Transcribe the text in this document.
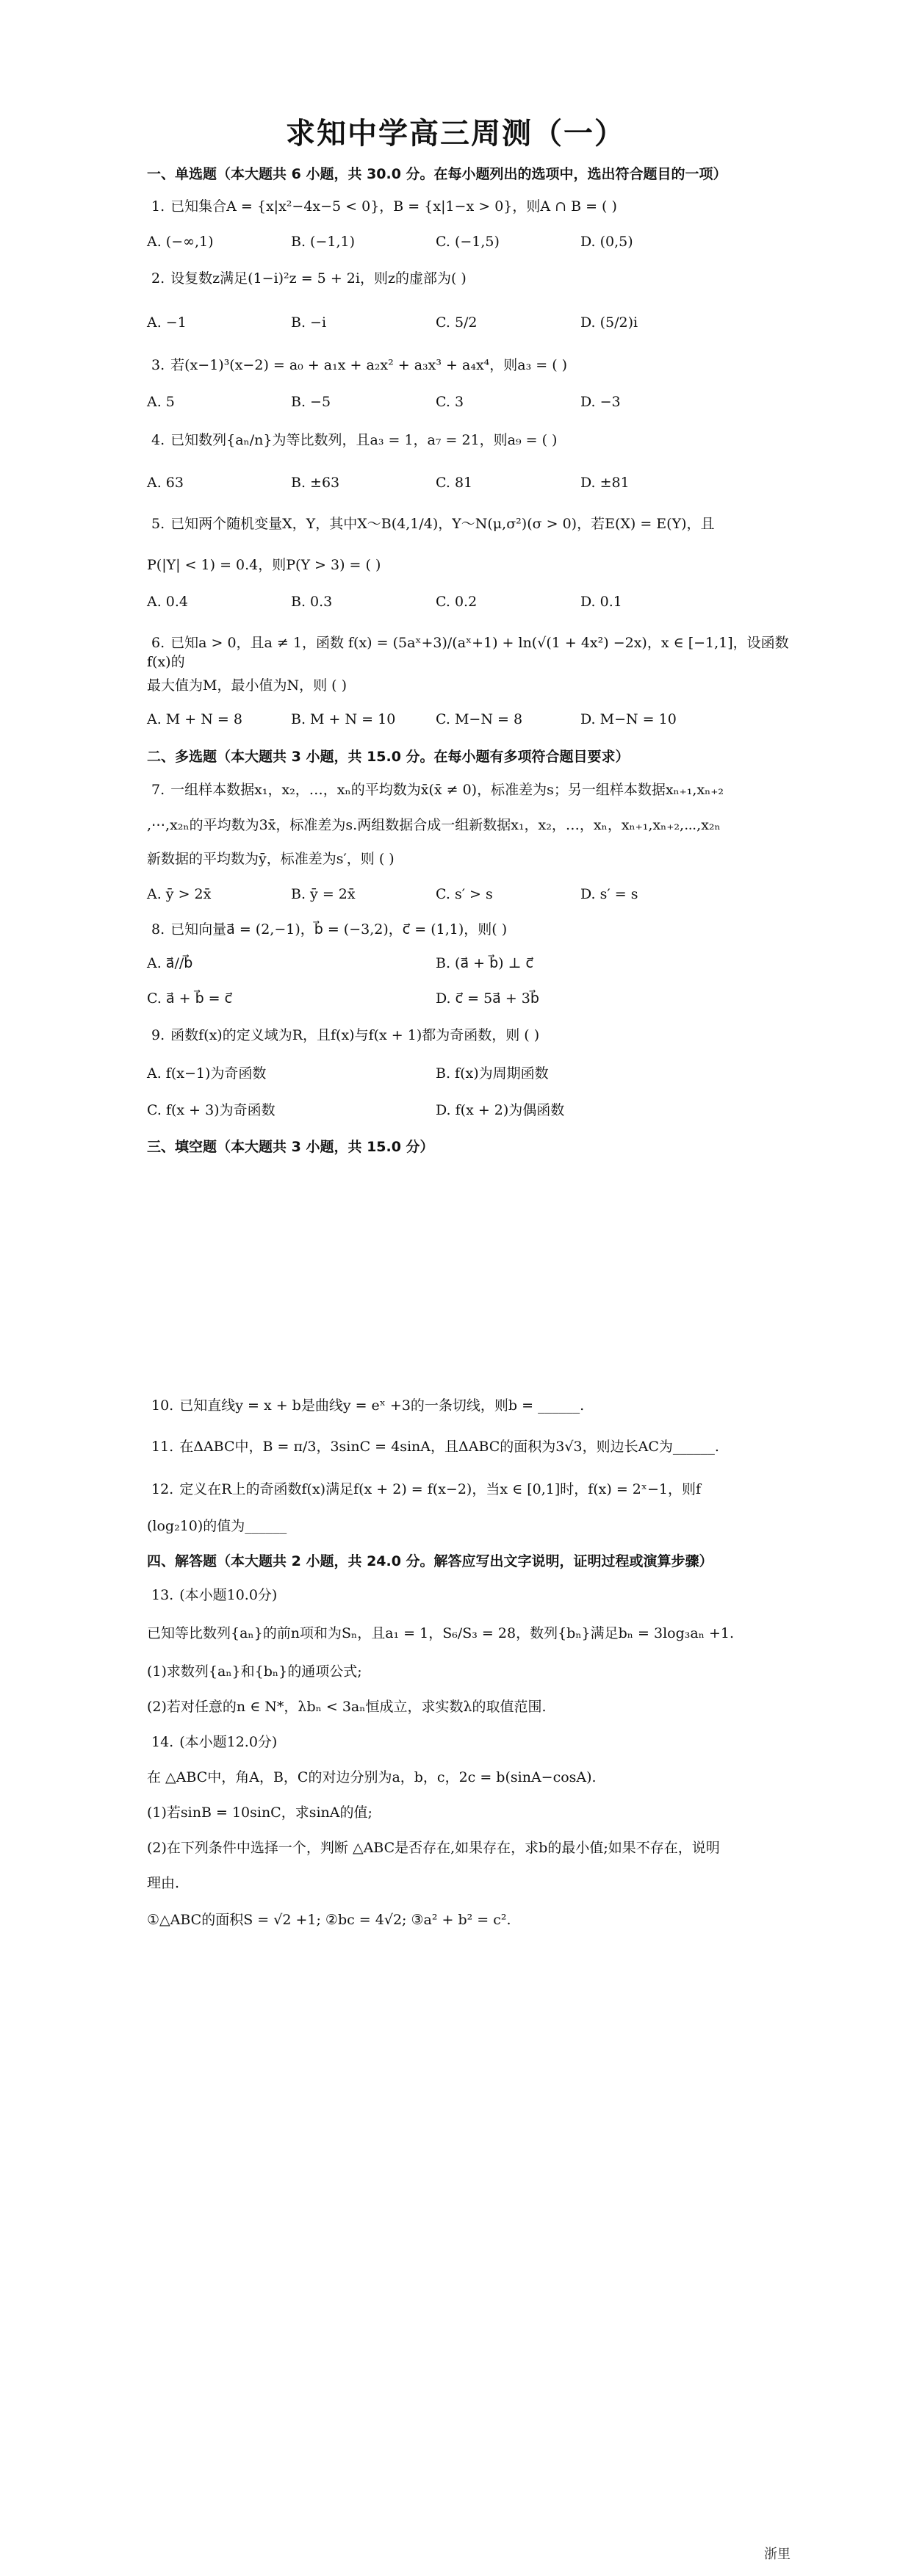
求知中学高三周测（一）
一、单选题（本大题共 6 小题，共 30.0 分。在每小题列出的选项中，选出符合题目的一项）
1. 已知集合A = {x|x²−4x−5 < 0}，B = {x|1−x > 0}，则A ∩ B = ( )
A. (−∞,1)	B. (−1,1)	C. (−1,5)	D. (0,5)
2. 设复数z满足(1−i)²z = 5 + 2i，则z的虚部为( )
A. −1	B. −i	C. 5/2	D. (5/2)i
3. 若(x−1)³(x−2) = a₀ + a₁x + a₂x² + a₃x³ + a₄x⁴，则a₃ = ( )
A. 5	B. −5	C. 3	D. −3
4. 已知数列{aₙ/n}为等比数列，且a₃ = 1，a₇ = 21，则a₉ = ( )
A. 63	B. ±63	C. 81	D. ±81
5. 已知两个随机变量X，Y，其中X～B(4,1/4)，Y～N(μ,σ²)(σ > 0)，若E(X) = E(Y)，且
P(|Y| < 1) = 0.4，则P(Y > 3) = ( )
A. 0.4	B. 0.3	C. 0.2	D. 0.1
6. 已知a > 0，且a ≠ 1，函数 f(x) = (5aˣ+3)/(aˣ+1) + ln(√(1 + 4x²) −2x)，x ∈ [−1,1]，设函数f(x)的
最大值为M，最小值为N，则 ( )
A. M + N = 8	B. M + N = 10	C. M−N = 8	D. M−N = 10
二、多选题（本大题共 3 小题，共 15.0 分。在每小题有多项符合题目要求）
7. 一组样本数据x₁，x₂，…，xₙ的平均数为x̄(x̄ ≠ 0)，标准差为s；另一组样本数据xₙ₊₁,xₙ₊₂
,⋯,x₂ₙ的平均数为3x̄，标准差为s.两组数据合成一组新数据x₁，x₂，…，xₙ，xₙ₊₁,xₙ₊₂,⋯,x₂ₙ
新数据的平均数为ȳ，标准差为s′，则 ( )
A. ȳ > 2x̄	B. ȳ = 2x̄	C. s′ > s	D. s′ = s
8. 已知向量a⃗ = (2,−1)，b⃗ = (−3,2)，c⃗ = (1,1)，则( )
A. a⃗//b⃗	B. (a⃗ + b⃗) ⊥ c⃗
C. a⃗ + b⃗ = c⃗	D. c⃗ = 5a⃗ + 3b⃗
9. 函数f(x)的定义域为R，且f(x)与f(x + 1)都为奇函数，则 ( )
A. f(x−1)为奇函数	B. f(x)为周期函数
C. f(x + 3)为奇函数	D. f(x + 2)为偶函数
三、填空题（本大题共 3 小题，共 15.0 分）
10. 已知直线y = x + b是曲线y = eˣ +3的一条切线，则b = ______.
11. 在ΔABC中，B = π/3，3sinC = 4sinA，且ΔABC的面积为3√3，则边长AC为______.
12. 定义在R上的奇函数f(x)满足f(x + 2) = f(x−2)，当x ∈ [0,1]时，f(x) = 2ˣ−1，则f
(log₂10)的值为______
四、解答题（本大题共 2 小题，共 24.0 分。解答应写出文字说明，证明过程或演算步骤）
13. (本小题10.0分)
已知等比数列{aₙ}的前n项和为Sₙ，且a₁ = 1，S₆/S₃ = 28，数列{bₙ}满足bₙ = 3log₃aₙ +1.
(1)求数列{aₙ}和{bₙ}的通项公式;
(2)若对任意的n ∈ N*，λbₙ < 3aₙ恒成立，求实数λ的取值范围.
14. (本小题12.0分)
在 △ABC中，角A，B，C的对边分别为a，b，c，2c = b(sinA−cosA).
(1)若sinB = 10sinC，求sinA的值;
(2)在下列条件中选择一个，判断 △ABC是否存在,如果存在，求b的最小值;如果不存在，说明
理由.
①△ABC的面积S = √2 +1; ②bc = 4√2; ③a² + b² = c².
浙里
